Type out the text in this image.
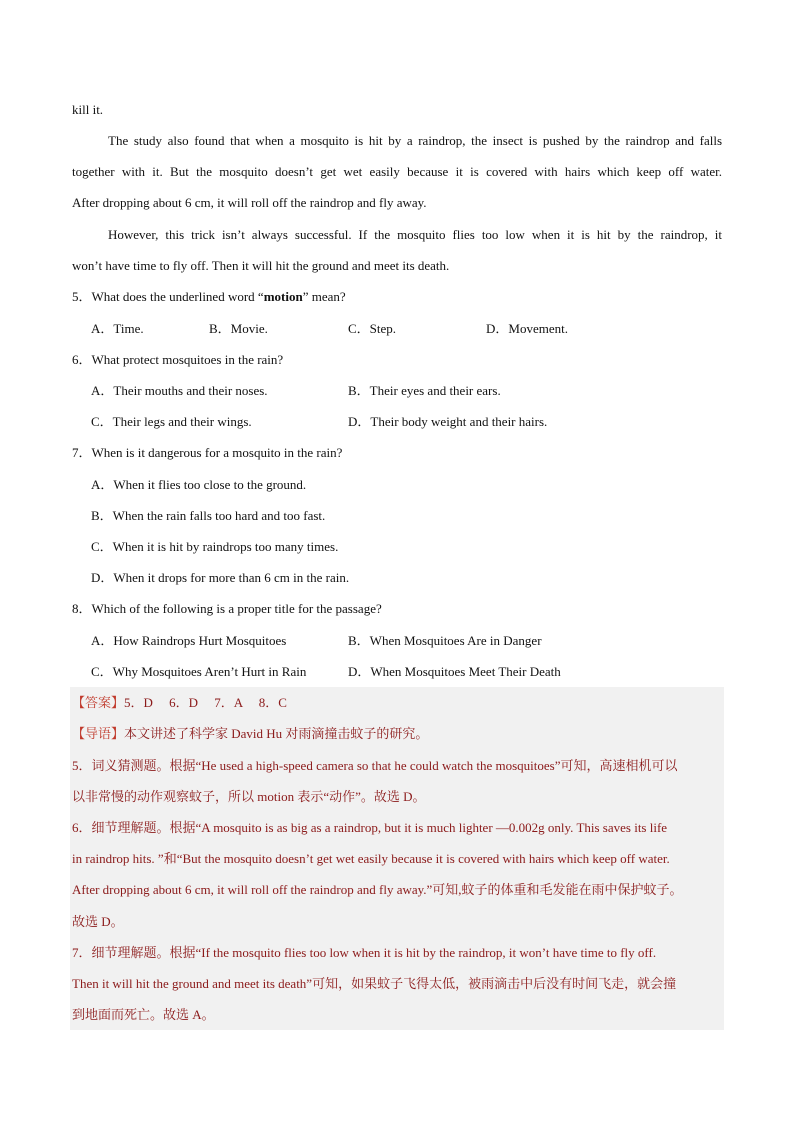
kill it.
The study also found that when a mosquito is hit by a raindrop, the insect is pushed by the raindrop and falls
together with it. But the mosquito doesn’t get wet easily because it is covered with hairs which keep off water.
After dropping about 6 cm, it will roll off the raindrop and fly away.
However, this trick isn’t always successful. If the mosquito flies too low when it is hit by the raindrop, it
won’t have time to fly off. Then it will hit the ground and meet its death.
5．What does the underlined word “motion” mean?
A．Time.	B．Movie.	C．Step.	D．Movement.
6．What protect mosquitoes in the rain?
A．Their mouths and their noses.	B．Their eyes and their ears.
C．Their legs and their wings.	D．Their body weight and their hairs.
7．When is it dangerous for a mosquito in the rain?
A．When it flies too close to the ground.
B．When the rain falls too hard and too fast.
C．When it is hit by raindrops too many times.
D．When it drops for more than 6 cm in the rain.
8．Which of the following is a proper title for the passage?
A．How Raindrops Hurt Mosquitoes	B．When Mosquitoes Are in Danger
C．Why Mosquitoes Aren’t Hurt in Rain	D．When Mosquitoes Meet Their Death
【答案】5．D　 6．D　 7．A　 8．C
【导语】本文讲述了科学家 David Hu 对雨滴撞击蚊子的研究。
5．词义猜测题。根据“He used a high-speed camera so that he could watch the mosquitoes”可知，高速相机可以
以非常慢的动作观察蚊子，所以 motion 表示“动作”。故选 D。
6．细节理解题。根据“A mosquito is as big as a raindrop, but it is much lighter —0.002g only. This saves its life
in raindrop hits. ”和“But the mosquito doesn’t get wet easily because it is covered with hairs which keep off water.
After dropping about 6 cm, it will roll off the raindrop and fly away.”可知,蚊子的体重和毛发能在雨中保护蚊子。
故选 D。
7．细节理解题。根据“If the mosquito flies too low when it is hit by the raindrop, it won’t have time to fly off.
Then it will hit the ground and meet its death”可知，如果蚊子飞得太低，被雨滴击中后没有时间飞走，就会撞
到地面而死亡。故选 A。
